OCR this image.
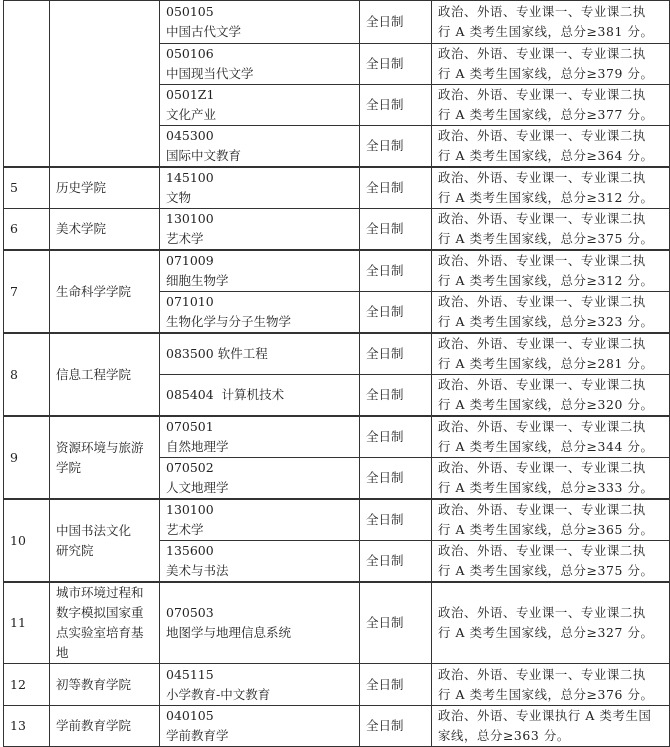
		050105
中国古代文学	全日制	政治、外语、专业课一、专业课二执
行 A 类考生国家线，总分≥381 分。

		050106
中国现当代文学	全日制	政治、外语、专业课一、专业课二执
行 A 类考生国家线，总分≥379 分。

		0501Z1
文化产业	全日制	政治、外语、专业课一、专业课二执
行 A 类考生国家线，总分≥377 分。

		045300
国际中文教育	全日制	政治、外语、专业课一、专业课二执
行 A 类考生国家线，总分≥364 分。

5	历史学院	145100
文物	全日制	政治、外语、专业课一、专业课二执
行 A 类考生国家线，总分≥312 分。

6	美术学院	130100
艺术学	全日制	政治、外语、专业课一、专业课二执
行 A 类考生国家线，总分≥375 分。

7	生命科学学院	071009
细胞生物学	全日制	政治、外语、专业课一、专业课二执
行 A 类考生国家线，总分≥312 分。

		071010
生物化学与分子生物学	全日制	政治、外语、专业课一、专业课二执
行 A 类考生国家线，总分≥323 分。

8	信息工程学院	083500 软件工程	全日制	政治、外语、专业课一、专业课二执
行 A 类考生国家线，总分≥281 分。

		085404  计算机技术	全日制	政治、外语、专业课一、专业课二执
行 A 类考生国家线，总分≥320 分。

9	资源环境与旅游
学院	070501
自然地理学	全日制	政治、外语、专业课一、专业课二执
行 A 类考生国家线，总分≥344 分。

		070502
人文地理学	全日制	政治、外语、专业课一、专业课二执
行 A 类考生国家线，总分≥333 分。

10	中国书法文化
研究院	130100
艺术学	全日制	政治、外语、专业课一、专业课二执
行 A 类考生国家线，总分≥365 分。

		135600
美术与书法	全日制	政治、外语、专业课一、专业课二执
行 A 类考生国家线，总分≥375 分。

11	城市环境过程和
数字模拟国家重
点实验室培育基
地	070503
地图学与地理信息系统	全日制	政治、外语、专业课一、专业课二执
行 A 类考生国家线，总分≥327 分。

12	初等教育学院	045115
小学教育-中文教育	全日制	政治、外语、专业课一、专业课二执
行 A 类考生国家线，总分≥376 分。

13	学前教育学院	040105
学前教育学	全日制	政治、外语、专业课执行 A 类考生国
家线，总分≥363 分。
